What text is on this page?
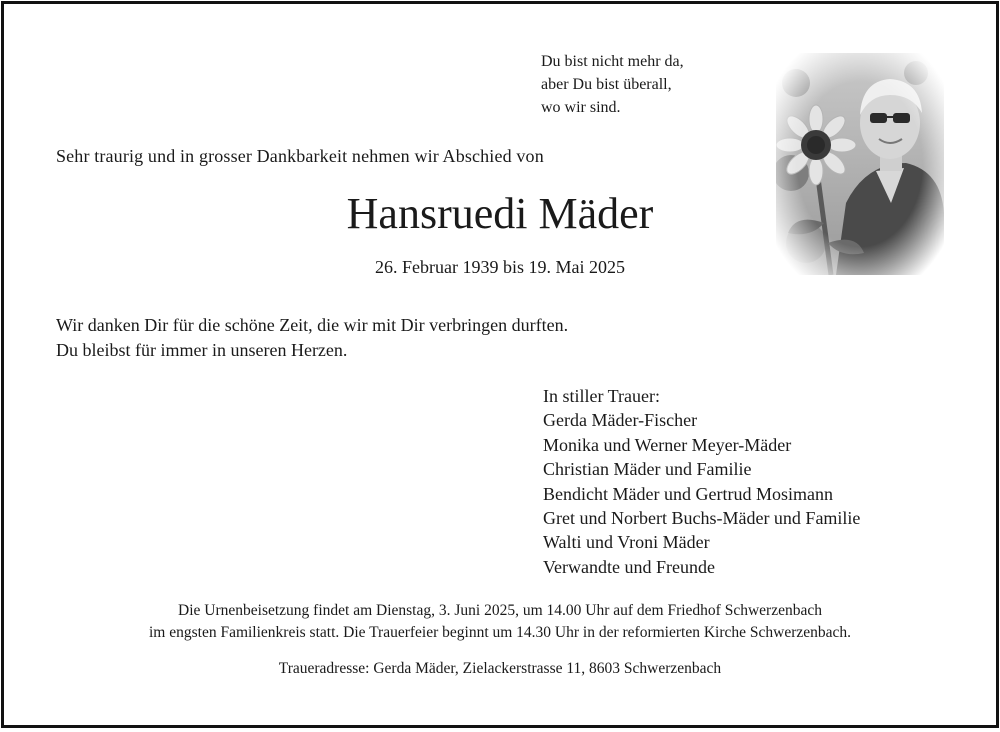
Du bist nicht mehr da,
aber Du bist überall,
wo wir sind.
Sehr traurig und in grosser Dankbarkeit nehmen wir Abschied von
Hansruedi Mäder
26. Februar 1939 bis 19. Mai 2025
Wir danken Dir für die schöne Zeit, die wir mit Dir verbringen durften.
Du bleibst für immer in unseren Herzen.
In stiller Trauer:
Gerda Mäder-Fischer
Monika und Werner Meyer-Mäder
Christian Mäder und Familie
Bendicht Mäder und Gertrud Mosimann
Gret und Norbert Buchs-Mäder und Familie
Walti und Vroni Mäder
Verwandte und Freunde
Die Urnenbeisetzung findet am Dienstag, 3. Juni 2025, um 14.00 Uhr auf dem Friedhof Schwerzenbach
im engsten Familienkreis statt. Die Trauerfeier beginnt um 14.30 Uhr in der reformierten Kirche Schwerzenbach.
Traueradresse: Gerda Mäder, Zielackerstrasse 11, 8603 Schwerzenbach
